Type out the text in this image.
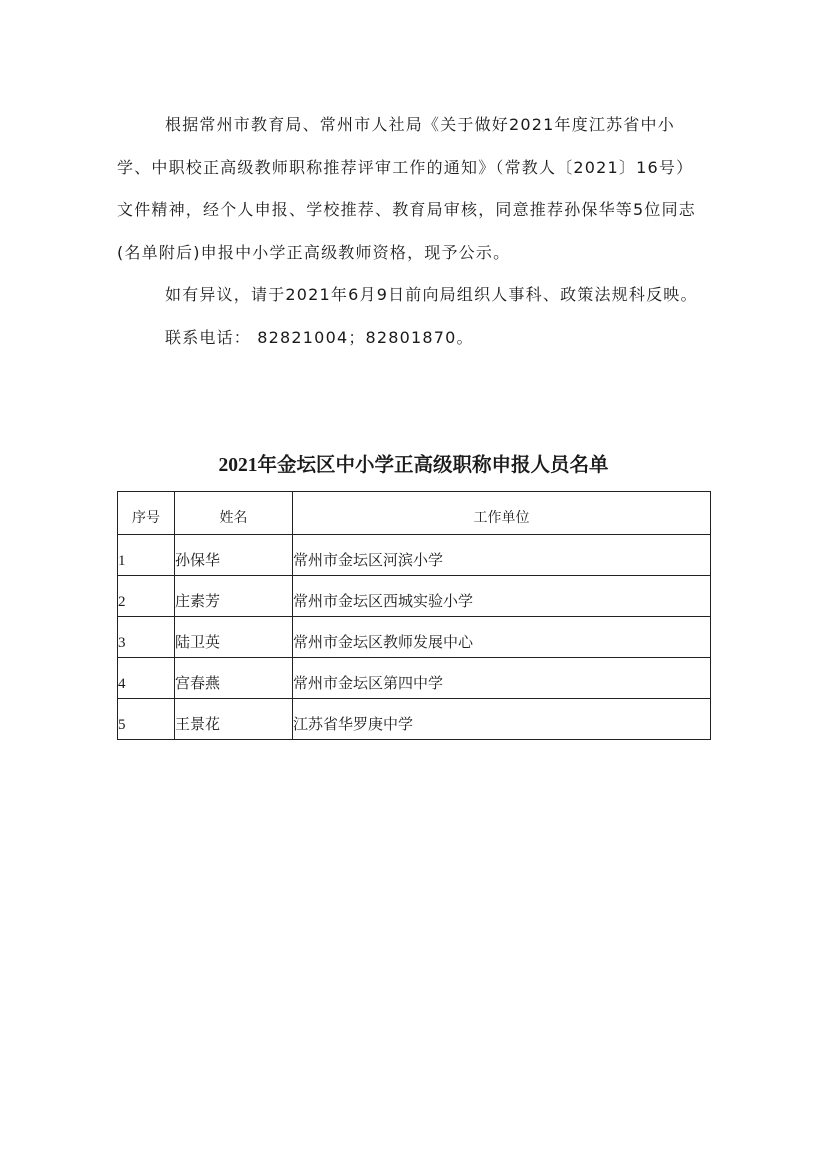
根据常州市教育局、常州市人社局《关于做好2021年度江苏省中小学、中职校正高级教师职称推荐评审工作的通知》（常教人〔2021〕16号）文件精神，经个人申报、学校推荐、教育局审核，同意推荐孙保华等5位同志(名单附后)申报中小学正高级教师资格，现予公示。

如有异议，请于2021年6月9日前向局组织人事科、政策法规科反映。

联系电话： 82821004；82801870。

2021年金坛区中小学正高级职称申报人员名单
序号	姓名	工作单位
1	孙保华	常州市金坛区河滨小学
2	庄素芳	常州市金坛区西城实验小学
3	陆卫英	常州市金坛区教师发展中心
4	宫春燕	常州市金坛区第四中学
5	王景花	江苏省华罗庚中学
